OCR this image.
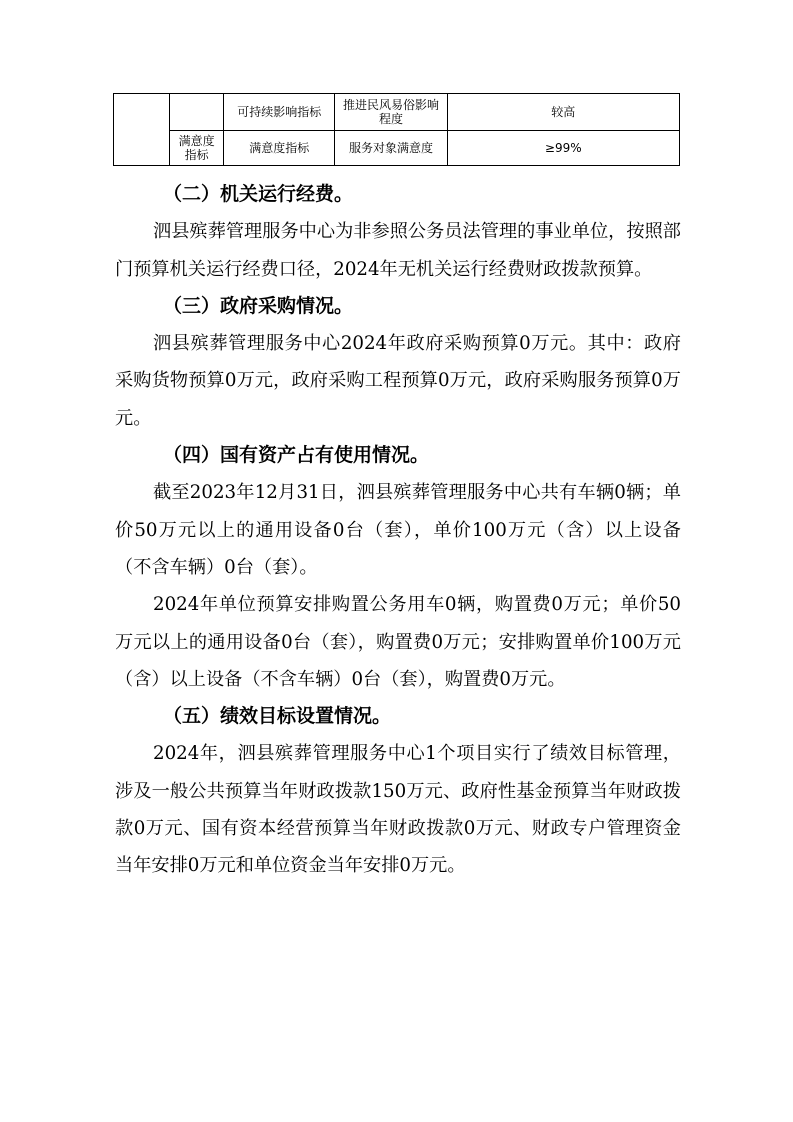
		可持续影响指标	推进民风易俗影响程度	较高
	满意度指标	满意度指标	服务对象满意度	≥99%

（二）机关运行经费。

泗县殡葬管理服务中心为非参照公务员法管理的事业单位，按照部门预算机关运行经费口径，2024年无机关运行经费财政拨款预算。

（三）政府采购情况。

泗县殡葬管理服务中心2024年政府采购预算0万元。其中：政府采购货物预算0万元，政府采购工程预算0万元，政府采购服务预算0万元。

（四）国有资产占有使用情况。

截至2023年12月31日，泗县殡葬管理服务中心共有车辆0辆；单价50万元以上的通用设备0台（套），单价100万元（含）以上设备（不含车辆）0台（套）。

2024年单位预算安排购置公务用车0辆，购置费0万元；单价50万元以上的通用设备0台（套），购置费0万元；安排购置单价100万元（含）以上设备（不含车辆）0台（套），购置费0万元。

（五）绩效目标设置情况。

2024年，泗县殡葬管理服务中心1个项目实行了绩效目标管理，涉及一般公共预算当年财政拨款150万元、政府性基金预算当年财政拨款0万元、国有资本经营预算当年财政拨款0万元、财政专户管理资金当年安排0万元和单位资金当年安排0万元。
